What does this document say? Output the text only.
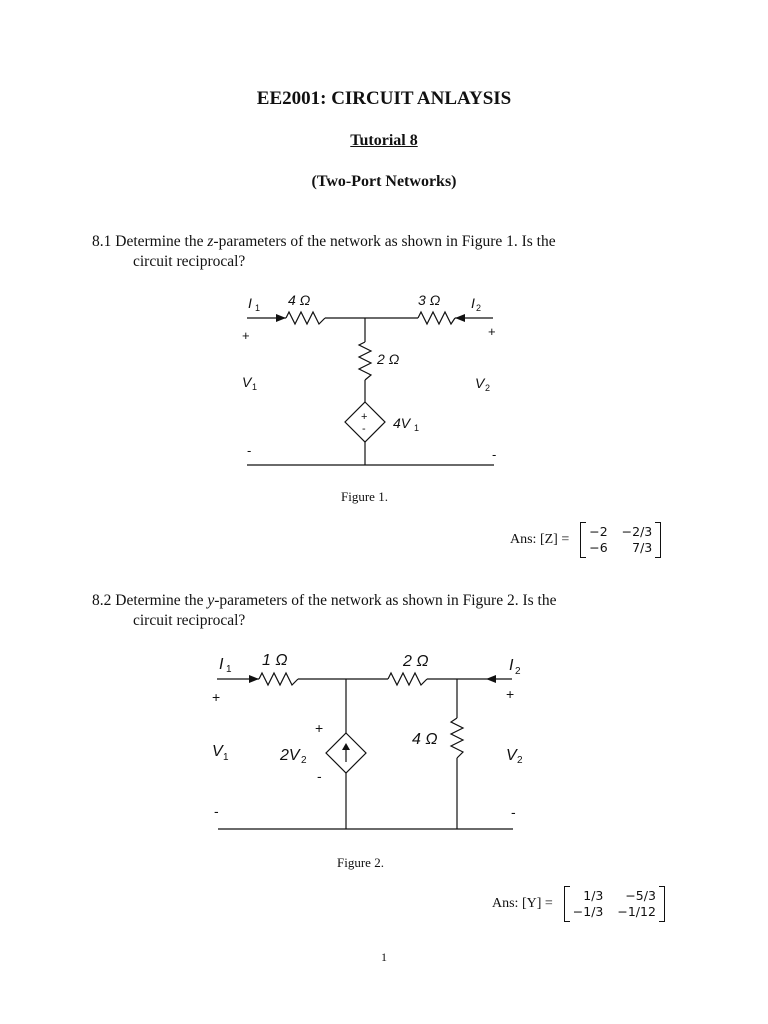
EE2001: CIRCUIT ANLAYSIS
Tutorial 8
(Two-Port Networks)
8.1 Determine the z-parameters of the network as shown in Figure 1. Is the
circuit reciprocal?
I 1 4 Ω	3 Ω I 2
+	+
2 Ω
V 1	V 2
+
- 4V 1
-	-
I 1
1 Ω	2 Ω	I 2
+	+
+
4 Ω
V 1	2V 2	V 2
-
-	-
Figure 1.
Ans: [Z] =
−2 −2/3
−6	7/3
8.2 Determine the y-parameters of the network as shown in Figure 2. Is the
circuit reciprocal?
Figure 2.
Ans: [Y] =
1/3	−5/3
−1/3 −1/12
1
